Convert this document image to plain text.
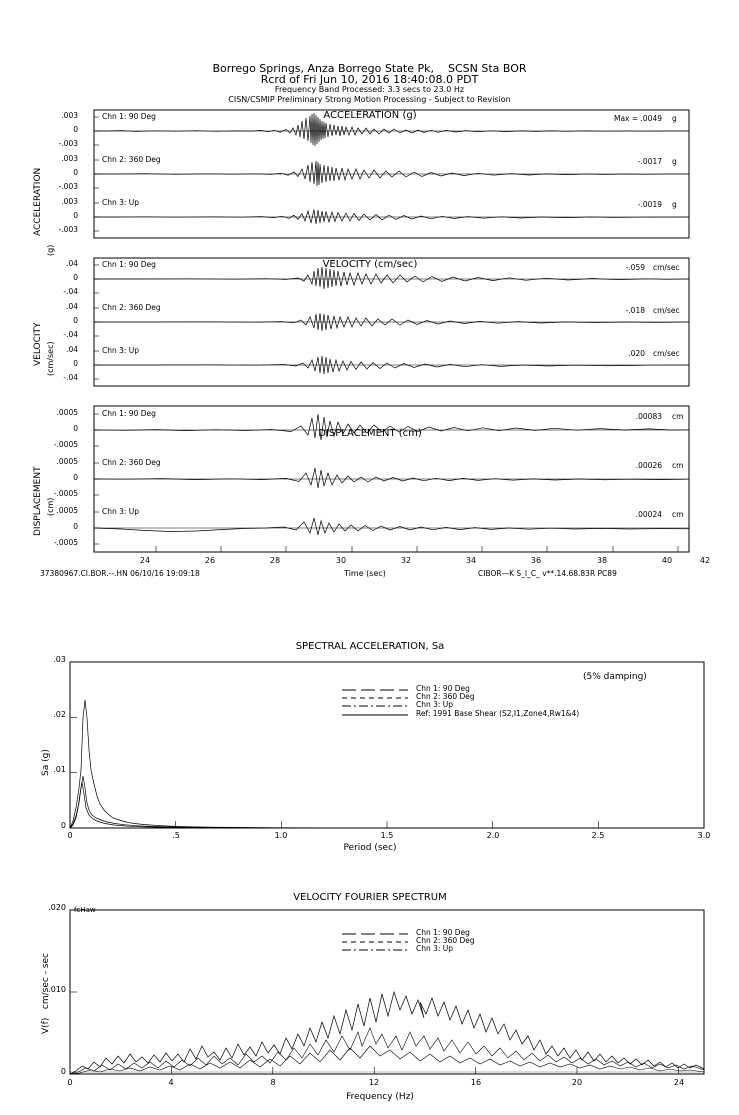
Borrego Springs, Anza Borrego State Pk,    SCSN Sta BOR
Rcrd of Fri Jun 10, 2016 18:40:08.0 PDT
Frequency Band Processed: 3.3 secs to 23.0 Hz
CISN/CSMIP Preliminary Strong Motion Processing - Subject to Revision
ACCELERATION
(g)
.003
0
-.003
.003
0
-.003
.003
0
-.003
Chn 1: 90 Deg
Chn 2: 360 Deg
Chn 3: Up
ACCELERATION (g)	Max = .0049 g
-.0017 g
-.0019 g
VELOCITY (cm/sec)
.04
0
-.04
.04
0
-.04
.04
0
-.04
Chn 1: 90 Deg
Chn 2: 360 Deg
Chn 3: Up
VELOCITY (cm/sec)	-.059 cm/sec
-.018 cm/sec
.020 cm/sec
DISPLACEMENT (cm)
.0005
0
-.0005
.0005
0
-.0005
.0005
0
-.0005
Chn 1: 90 Deg
Chn 2: 360 Deg
Chn 3: Up
DISPLACEMENT (cm)
.00083 cm
.00026 cm
.00024 cm
24	26	28	30	32	34	36	38	40	42
37380967.CI.BOR.--.HN 06/10/16 19:09:18	Time (sec)	CIBOR—K S_I_C_ v**.14.68.83R PC89
SPECTRAL ACCELERATION, Sa
Sa (g)
.03
.02
.01
0
0	.5	1.0	1.5	2.0	2.5	3.0
Period (sec)
(5% damping)
Chn 1: 90 Deg
Chn 2: 360 Deg
Chn 3: Up
Ref: 1991 Base Shear (S2,I1,Zone4,Rw1&4)
VELOCITY FOURIER SPECTRUM
V(f)   cm/sec - sec
.020
.010
0
fcHaw
0	4	8	12	16	20	24
Frequency (Hz)
Chn 1: 90 Deg
Chn 2: 360 Deg
Chn 3: Up
